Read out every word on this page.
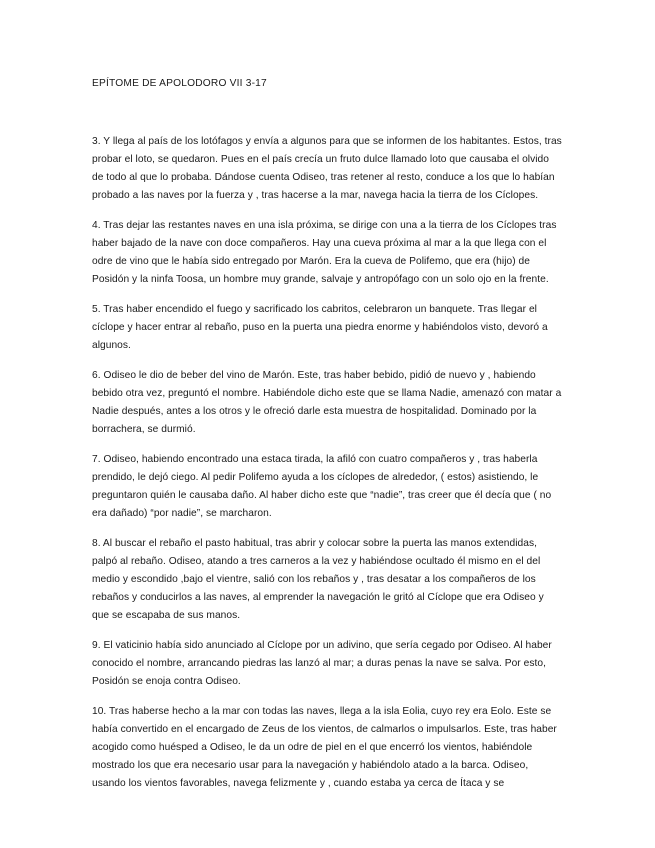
EPÍTOME DE APOLODORO VII 3-17

3. Y llega al país de los lotófagos y envía a algunos para que se informen de los habitantes. Estos, tras probar el loto, se quedaron. Pues en el país crecía un fruto dulce llamado loto que causaba el olvido de todo al que lo probaba. Dándose cuenta Odiseo, tras retener al resto, conduce a los que lo habían probado a las naves por la fuerza y , tras hacerse a la mar, navega hacia la tierra de los Cíclopes.

4. Tras dejar las restantes naves en una isla próxima, se dirige con una a la tierra de los Cíclopes tras haber bajado de la nave con doce compañeros. Hay una cueva próxima al mar a la que llega con el odre de vino que le había sido entregado por Marón. Era la cueva de Polifemo, que era (hijo) de Posidón y la ninfa Toosa, un hombre muy grande, salvaje y antropófago con un solo ojo en la frente.

5. Tras haber encendido el fuego y sacrificado los cabritos, celebraron un banquete. Tras llegar el cíclope y hacer entrar al rebaño, puso en la puerta una piedra enorme y habiéndolos visto, devoró a algunos.

6. Odiseo le dio de beber del vino de Marón. Este, tras haber bebido, pidió de nuevo y , habiendo bebido otra vez, preguntó el nombre. Habiéndole dicho este que se llama Nadie, amenazó con matar a Nadie después, antes a los otros y le ofreció darle esta muestra de hospitalidad. Dominado por la borrachera, se durmió.

7. Odiseo, habiendo encontrado una estaca tirada, la afiló con cuatro compañeros y , tras haberla prendido, le dejó ciego. Al pedir Polifemo ayuda a los cíclopes de alrededor, ( estos) asistiendo, le preguntaron quién le causaba daño. Al haber dicho este que “nadie”, tras creer que él decía que ( no era dañado) “por nadie”, se marcharon.

8. Al buscar el rebaño el pasto habitual, tras abrir y colocar sobre la puerta las manos extendidas, palpó al rebaño. Odiseo, atando a tres carneros a la vez y habiéndose ocultado él mismo en el del medio y escondido ,bajo el vientre, salió con los rebaños y , tras desatar a los compañeros de los rebaños y conducirlos a las naves, al emprender la navegación le gritó al Cíclope que era Odiseo y que se escapaba de sus manos.

9. El vaticinio había sido anunciado al Cíclope por un adivino, que sería cegado por Odiseo. Al haber conocido el nombre, arrancando piedras las lanzó al mar; a duras penas la nave se salva. Por esto, Posidón se enoja contra Odiseo.

10. Tras haberse hecho a la mar con todas las naves, llega a la isla Eolia, cuyo rey era Eolo. Este se había convertido en el encargado de Zeus de los vientos, de calmarlos o impulsarlos. Este, tras haber acogido como huésped a Odiseo, le da un odre de piel en el que encerró los vientos, habiéndole mostrado los que era necesario usar para la navegación y habiéndolo atado a la barca. Odiseo, usando los vientos favorables, navega felizmente y , cuando estaba ya cerca de Ítaca y se
